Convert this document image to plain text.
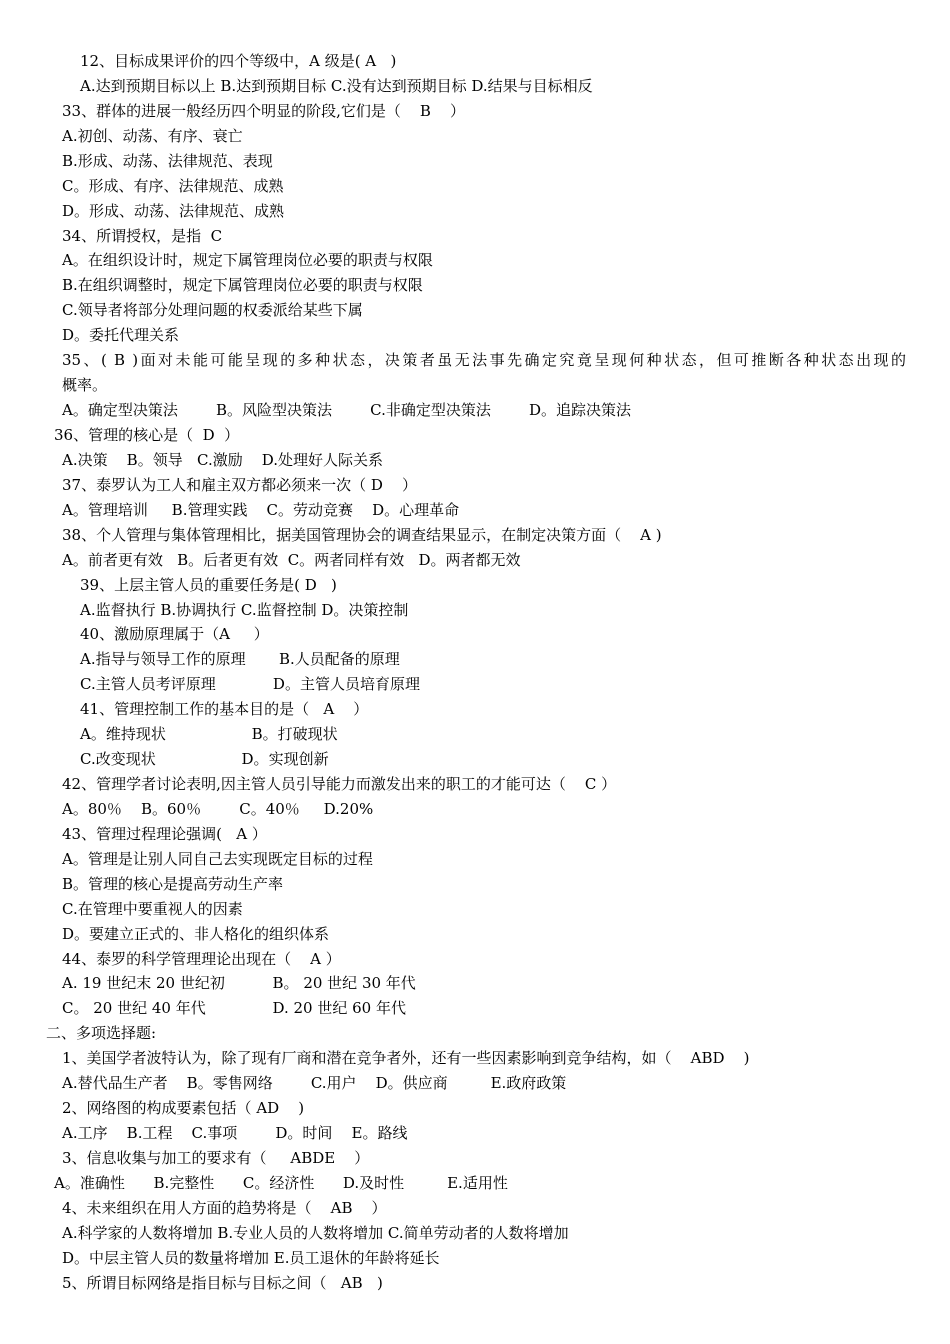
12、目标成果评价的四个等级中，A 级是( A   )
A.达到预期目标以上 B.达到预期目标 C.没有达到预期目标 D.结果与目标相反
33、群体的进展一般经历四个明显的阶段,它们是（    B    ）
A.初创、动荡、有序、衰亡
B.形成、动荡、法律规范、表现
C。形成、有序、法律规范、成熟
D。形成、动荡、法律规范、成熟
34、所谓授权，是指  C
A。在组织设计时，规定下属管理岗位必要的职责与权限
B.在组织调整时，规定下属管理岗位必要的职责与权限
C.领导者将部分处理问题的权委派给某些下属
D。委托代理关系
35、( B )面对未能可能呈现的多种状态，决策者虽无法事先确定究竟呈现何种状态，但可推断各种状态出现的
概率。
A。确定型决策法        B。风险型决策法        C.非确定型决策法        D。追踪决策法
36、管理的核心是（  D  ）
A.决策    B。领导   C.激励    D.处理好人际关系
37、泰罗认为工人和雇主双方都必须来一次（ D    ）
A。管理培训     B.管理实践    C。劳动竞赛    D。心理革命
38、个人管理与集体管理相比，据美国管理协会的调查结果显示，在制定决策方面（    A )
A。前者更有效   B。后者更有效  C。两者同样有效   D。两者都无效
39、上层主管人员的重要任务是( D   )
A.监督执行 B.协调执行 C.监督控制 D。决策控制
40、激励原理属于（A     ）
A.指导与领导工作的原理       B.人员配备的原理
C.主管人员考评原理            D。主管人员培育原理
41、管理控制工作的基本目的是（   A    ）
A。维持现状                  B。打破现状
C.改变现状                  D。实现创新
42、管理学者讨论表明,因主管人员引导能力而激发出来的职工的才能可达（    C ）
A。80％    B。60％        C。40％     D.20%
43、管理过程理论强调(   A ）
A。管理是让别人同自己去实现既定目标的过程
B。管理的核心是提高劳动生产率
C.在管理中要重视人的因素
D。要建立正式的、非人格化的组织体系
44、泰罗的科学管理理论出现在（    A ）
A. 19 世纪末 20 世纪初          B。 20 世纪 30 年代
C。 20 世纪 40 年代              D. 20 世纪 60 年代
二、多项选择题:
1、美国学者波特认为，除了现有厂商和潜在竞争者外，还有一些因素影响到竞争结构，如（    ABD    )
A.替代品生产者    B。零售网络        C.用户    D。供应商         E.政府政策
2、网络图的构成要素包括（ AD    )
A.工序    B.工程    C.事项        D。时间    E。路线
3、信息收集与加工的要求有（     ABDE    ）
A。准确性      B.完整性      C。经济性      D.及时性         E.适用性
4、未来组织在用人方面的趋势将是（    AB    ）
A.科学家的人数将增加 B.专业人员的人数将增加 C.简单劳动者的人数将增加
D。中层主管人员的数量将增加 E.员工退休的年龄将延长
5、所谓目标网络是指目标与目标之间（   AB   )
